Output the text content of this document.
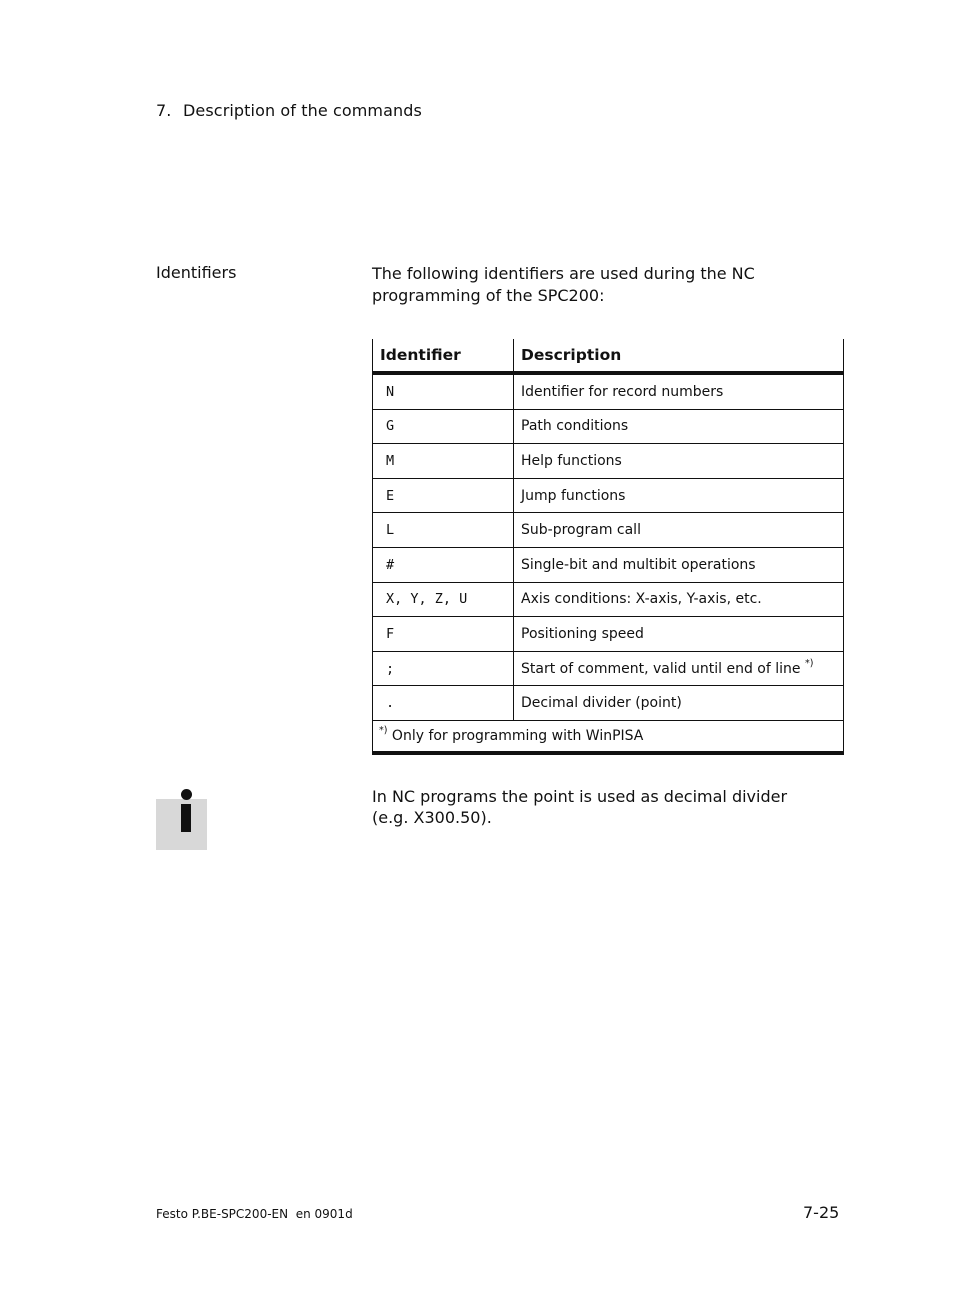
7. Description of the commands
Identifiers	The following identifiers are used during the NC programming of the SPC200:
Identifier	Description
N	Identifier for record numbers
G	Path conditions
M	Help functions
E	Jump functions
L	Sub-program call
#	Single-bit and multibit operations
X, Y, Z, U	Axis conditions: X-axis, Y-axis, etc.
F	Positioning speed
;	Start of comment, valid until end of line *)
.	Decimal divider (point)
*) Only for programming with WinPISA	
In NC programs the point is used as decimal divider
(e.g. X300.50).
Festo P.BE-SPC200-EN  en 0901d	7-25
